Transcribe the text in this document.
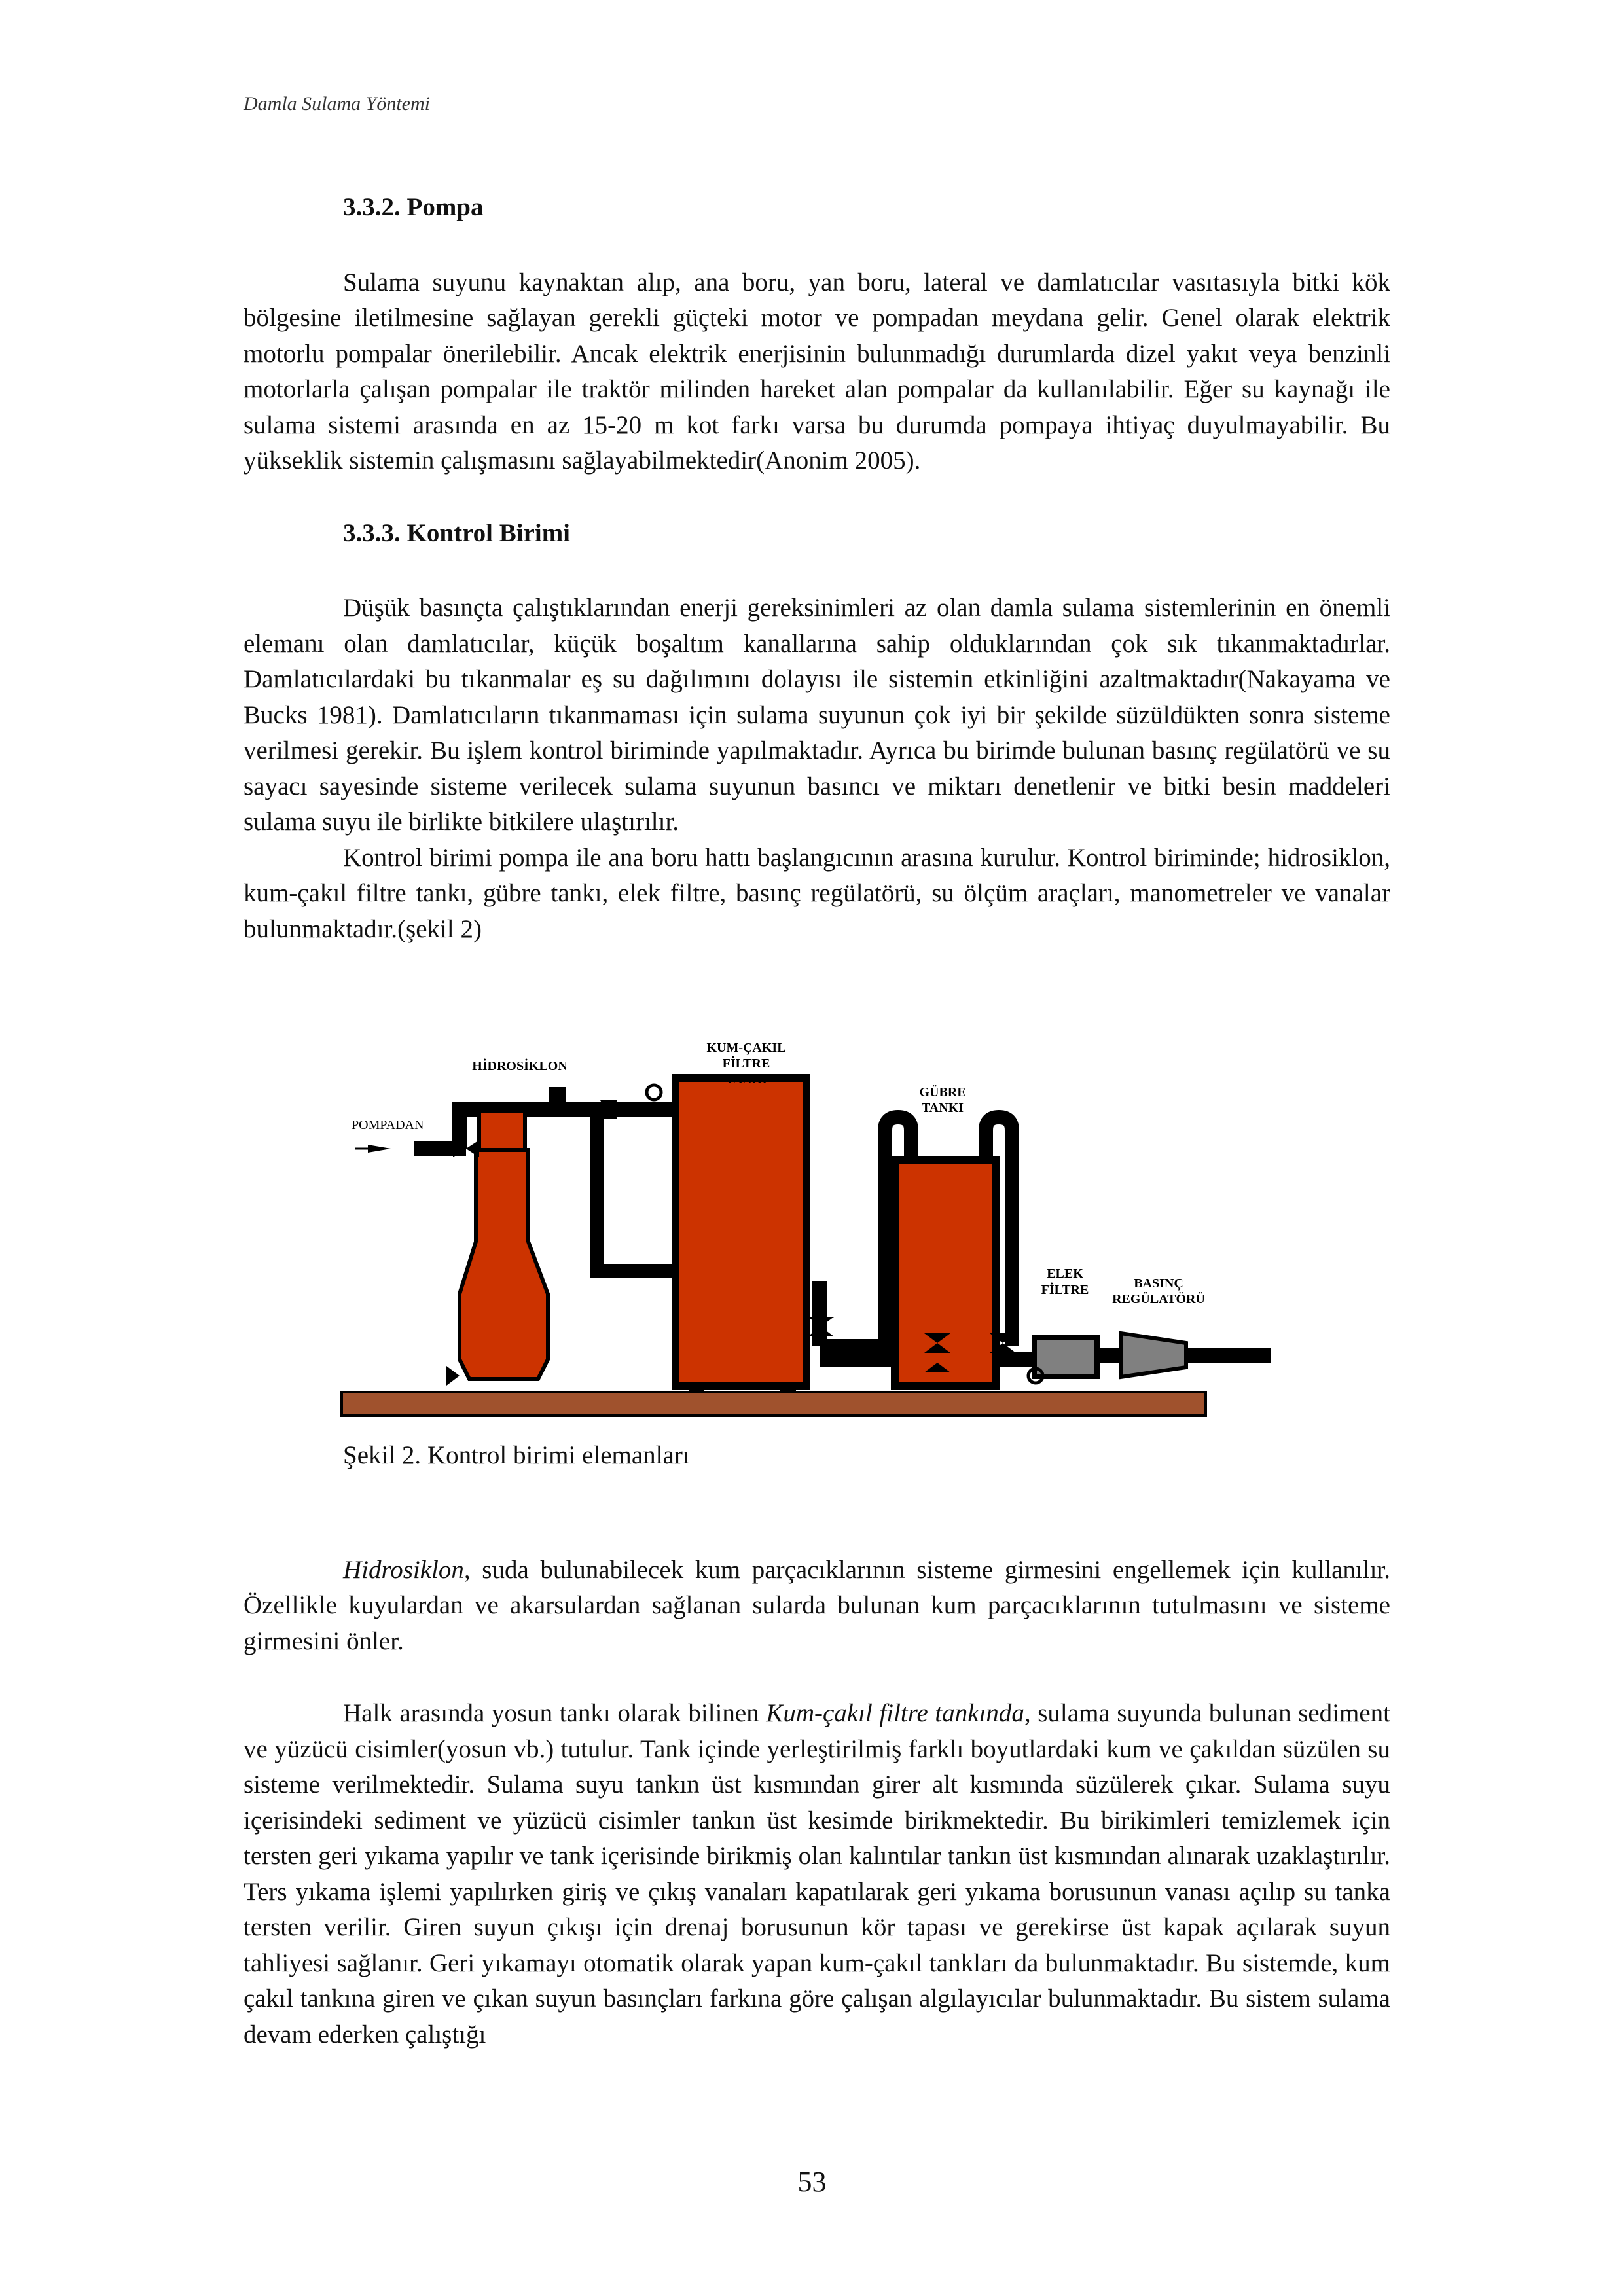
Damla Sulama Yöntemi

3.3.2. Pompa

Sulama suyunu kaynaktan alıp, ana boru, yan boru, lateral ve damlatıcılar vasıtasıyla bitki kök bölgesine iletilmesine sağlayan gerekli güçteki motor ve pompadan meydana gelir. Genel olarak elektrik motorlu pompalar önerilebilir. Ancak elektrik enerjisinin bulunmadığı durumlarda dizel yakıt veya benzinli motorlarla çalışan pompalar ile traktör milinden hareket alan pompalar da kullanılabilir. Eğer su kaynağı ile sulama sistemi arasında en az 15-20 m kot farkı varsa bu durumda pompaya ihtiyaç duyulmayabilir. Bu yükseklik sistemin çalışmasını sağlayabilmektedir(Anonim 2005).

3.3.3. Kontrol Birimi

Düşük basınçta çalıştıklarından enerji gereksinimleri az olan damla sulama sistemlerinin en önemli elemanı olan damlatıcılar, küçük boşaltım kanallarına sahip olduklarından çok sık tıkanmaktadırlar. Damlatıcılardaki bu tıkanmalar eş su dağılımını dolayısı ile sistemin etkinliğini azaltmaktadır(Nakayama ve Bucks 1981). Damlatıcıların tıkanmaması için sulama suyunun çok iyi bir şekilde süzüldükten sonra sisteme verilmesi gerekir. Bu işlem kontrol biriminde yapılmaktadır. Ayrıca bu birimde bulunan basınç regülatörü ve su sayacı sayesinde sisteme verilecek sulama suyunun basıncı ve miktarı denetlenir ve bitki besin maddeleri sulama suyu ile birlikte bitkilere ulaştırılır.

Kontrol birimi pompa ile ana boru hattı başlangıcının arasına kurulur. Kontrol biriminde; hidrosiklon, kum-çakıl filtre tankı, gübre tankı, elek filtre, basınç regülatörü, su ölçüm araçları, manometreler ve vanalar bulunmaktadır.(şekil 2)

POMPADAN
HİDROSİKLON
KUM-ÇAKIL
FİLTRE
TANKI
GÜBRE
TANKI
ELEK
FİLTRE	BASINÇ
REGÜLATÖRÜ

Şekil 2. Kontrol birimi elemanları

Hidrosiklon, suda bulunabilecek kum parçacıklarının sisteme girmesini engellemek için kullanılır. Özellikle kuyulardan ve akarsulardan sağlanan sularda bulunan kum parçacıklarının tutulmasını ve sisteme girmesini önler.

Halk arasında yosun tankı olarak bilinen Kum-çakıl filtre tankında, sulama suyunda bulunan sediment ve yüzücü cisimler(yosun vb.) tutulur. Tank içinde yerleştirilmiş farklı boyutlardaki kum ve çakıldan süzülen su sisteme verilmektedir. Sulama suyu tankın üst kısmından girer alt kısmında süzülerek çıkar. Sulama suyu içerisindeki sediment ve yüzücü cisimler tankın üst kesimde birikmektedir. Bu birikimleri temizlemek için tersten geri yıkama yapılır ve tank içerisinde birikmiş olan kalıntılar tankın üst kısmından alınarak uzaklaştırılır. Ters yıkama işlemi yapılırken giriş ve çıkış vanaları kapatılarak geri yıkama borusunun vanası açılıp su tanka tersten verilir. Giren suyun çıkışı için drenaj borusunun kör tapası ve gerekirse üst kapak açılarak suyun tahliyesi sağlanır. Geri yıkamayı otomatik olarak yapan kum-çakıl tankları da bulunmaktadır. Bu sistemde, kum çakıl tankına giren ve çıkan suyun basınçları farkına göre çalışan algılayıcılar bulunmaktadır. Bu sistem sulama devam ederken çalıştığı

53
